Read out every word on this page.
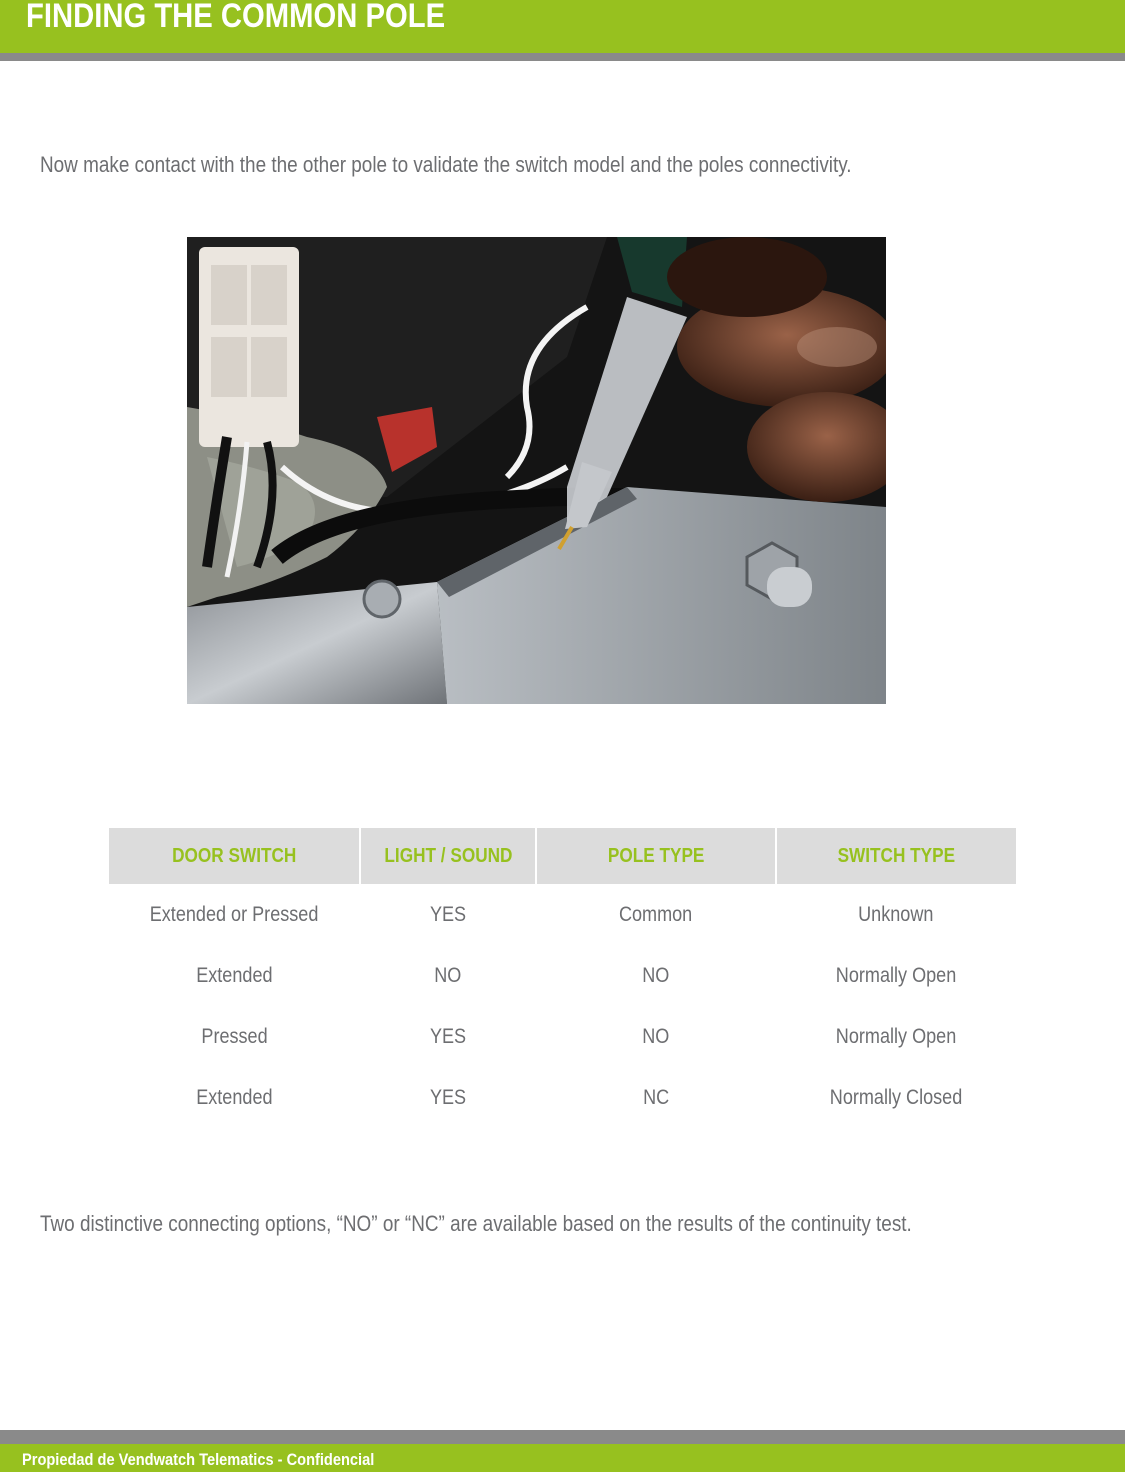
FINDING THE COMMON POLE
Now make contact with the the other pole to validate the switch model and the poles connectivity.
DOOR SWITCH	LIGHT / SOUND	POLE TYPE	SWITCH TYPE
Extended or Pressed	YES	Common	Unknown
Extended	NO	NO	Normally Open
Pressed	YES	NO	Normally Open
Extended	YES	NC	Normally Closed
Two distinctive connecting options, “NO” or “NC” are available based on the results of the continuity test.
Propiedad de Vendwatch Telematics - Confidencial
